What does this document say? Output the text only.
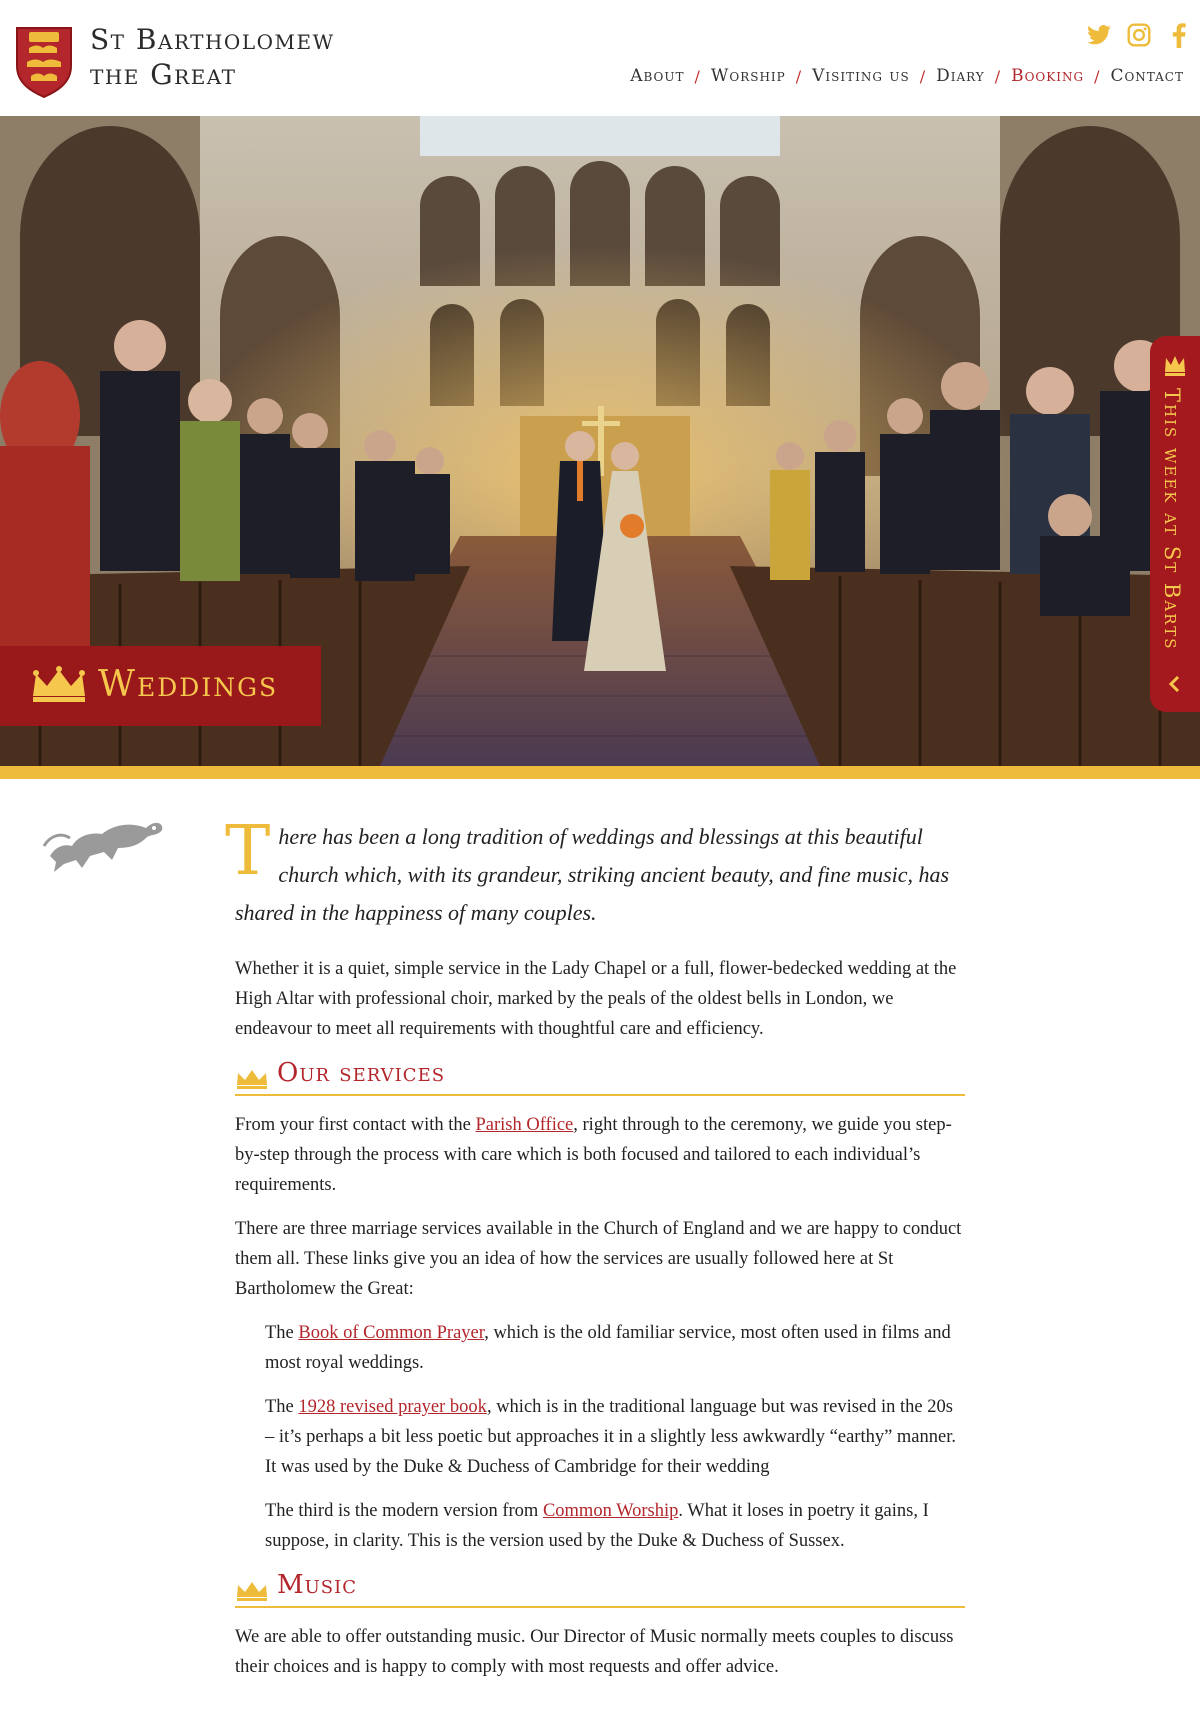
St Bartholomew
the Great	About / Worship / Visiting us / Diary / Booking / Contact
Weddings
This week at St Barts
T here has been a long tradition of weddings and blessings at this beautiful church which, with its grandeur, striking ancient beauty, and fine music, has shared in the happiness of many couples.

Whether it is a quiet, simple service in the Lady Chapel or a full, flower-bedecked wedding at the High Altar with professional choir, marked by the peals of the oldest bells in London, we endeavour to meet all requirements with thoughtful care and efficiency.

Our services

From your first contact with the Parish Office, right through to the ceremony, we guide you step-by-step through the process with care which is both focused and tailored to each individual’s requirements.

There are three marriage services available in the Church of England and we are happy to conduct them all. These links give you an idea of how the services are usually followed here at St Bartholomew the Great:

The Book of Common Prayer, which is the old familiar service, most often used in films and most royal weddings.

The 1928 revised prayer book, which is in the traditional language but was revised in the 20s – it’s perhaps a bit less poetic but approaches it in a slightly less awkwardly “earthy” manner. It was used by the Duke & Duchess of Cambridge for their wedding

The third is the modern version from Common Worship. What it loses in poetry it gains, I suppose, in clarity. This is the version used by the Duke & Duchess of Sussex.

Music

We are able to offer outstanding music. Our Director of Music normally meets couples to discuss their choices and is happy to comply with most requests and offer advice.
